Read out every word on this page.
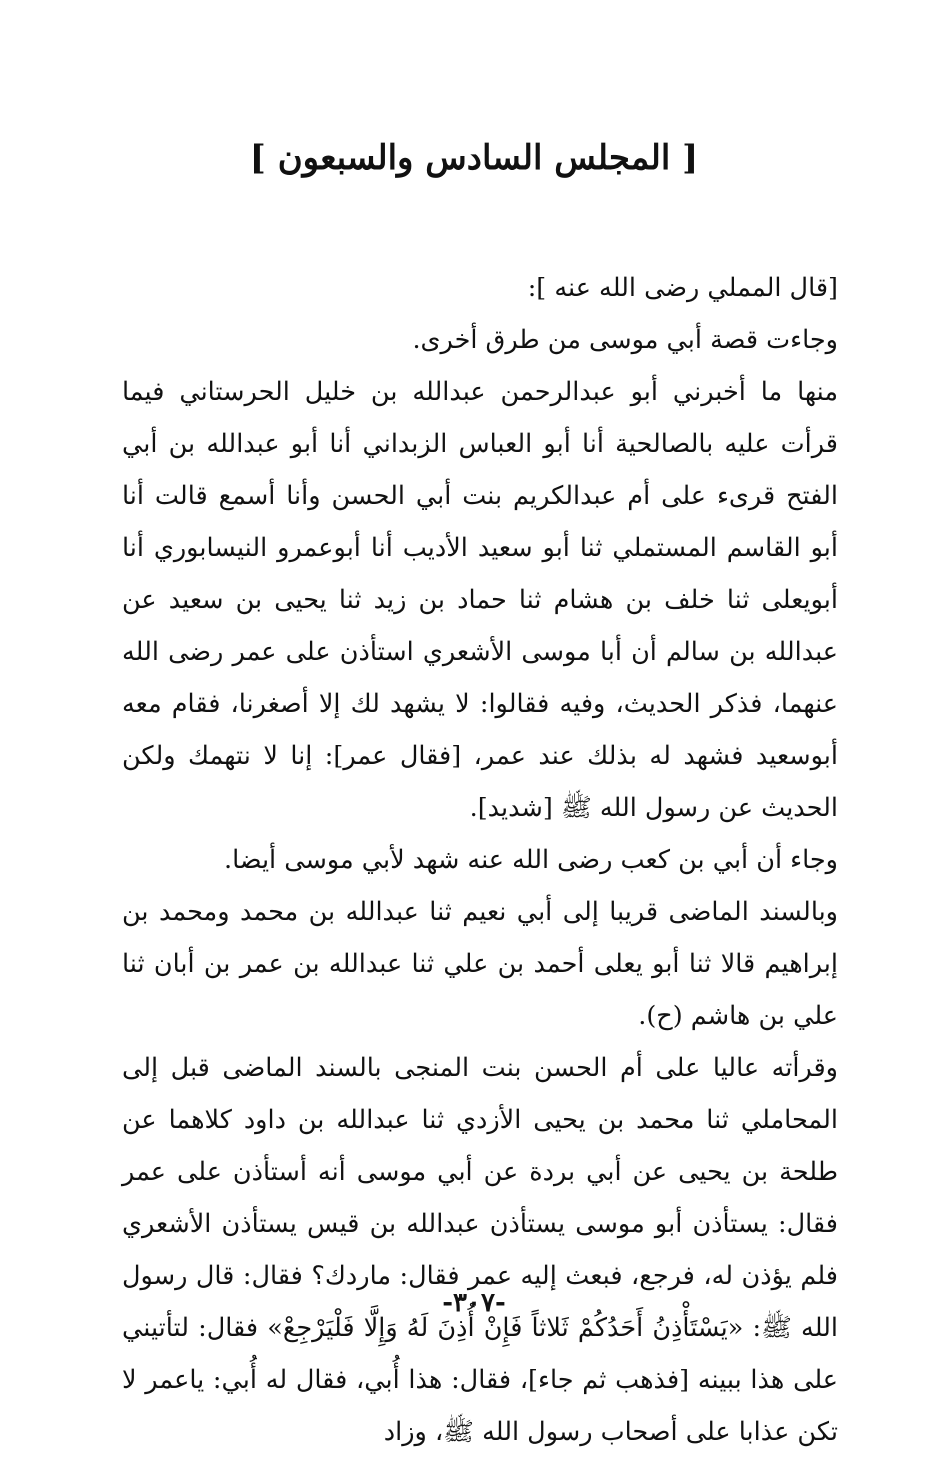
[ المجلس السادس والسبعون ]

[قال المملي رضى الله عنه ]:

وجاءت قصة أبي موسى من طرق أخرى.

منها ما أخبرني أبو عبدالرحمن عبدالله بن خليل الحرستاني فيما قرأت عليه بالصالحية أنا أبو العباس الزبداني أنا أبو عبدالله بن أبي الفتح قرىء على أم عبدالكريم بنت أبي الحسن وأنا أسمع قالت أنا أبو القاسم المستملي ثنا أبو سعيد الأديب أنا أبوعمرو النيسابوري أنا أبويعلى ثنا خلف بن هشام ثنا حماد بن زيد ثنا يحيى بن سعيد عن عبدالله بن سالم أن أبا موسى الأشعري استأذن على عمر رضى الله عنهما، فذكر الحديث، وفيه فقالوا: لا يشهد لك إلا أصغرنا، فقام معه أبوسعيد فشهد له بذلك عند عمر، [فقال عمر]: إنا لا نتهمك ولكن الحديث عن رسول الله ﷺ [شديد].

وجاء أن أبي بن كعب رضى الله عنه شهد لأبي موسى أيضا.

وبالسند الماضى قريبا إلى أبي نعيم ثنا عبدالله بن محمد ومحمد بن إبراهيم قالا ثنا أبو يعلى أحمد بن علي ثنا عبدالله بن عمر بن أبان ثنا علي بن هاشم (ح).

وقرأته عاليا على أم الحسن بنت المنجى بالسند الماضى قبل إلى المحاملي ثنا محمد بن يحيى الأزدي ثنا عبدالله بن داود كلاهما عن طلحة بن يحيى عن أبي بردة عن أبي موسى أنه أستأذن على عمر فقال: يستأذن أبو موسى يستأذن عبدالله بن قيس يستأذن الأشعري فلم يؤذن له، فرجع، فبعث إليه عمر فقال: ماردك؟ فقال: قال رسول الله ﷺ: «يَسْتَأْذِنُ أَحَدُكُمْ ثَلاثاً فَإِنْ أُذِنَ لَهُ وَإِلَّا فَلْيَرْجِعْ» فقال: لتأتيني على هذا ببينه [فذهب ثم جاء]، فقال: هذا أُبي، فقال له أُبي: ياعمر لا تكن عذابا على أصحاب رسول الله ﷺ، وزاد

-٣٠٧-
